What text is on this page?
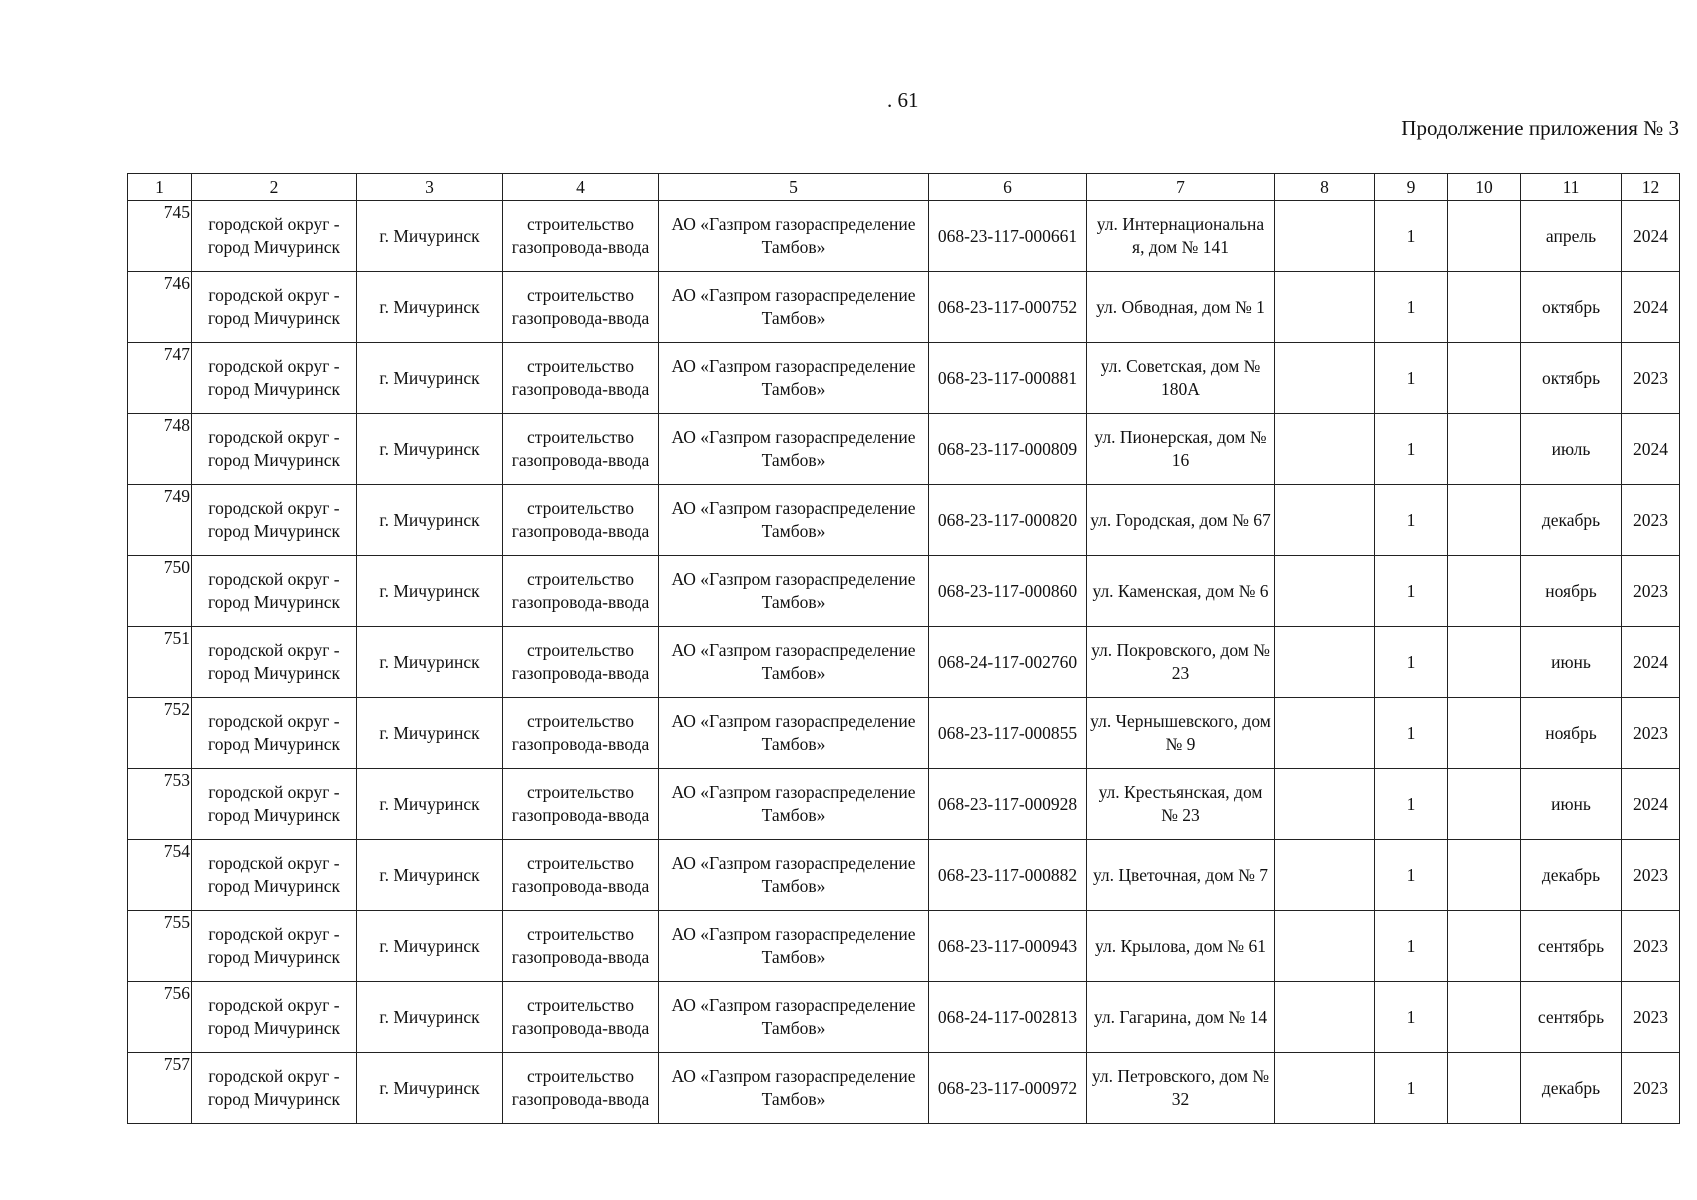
. 61
Продолжение приложения № 3
1	2	3	4	5	6	7	8	9	10	11	12
745	городской округ - город Мичуринск	г. Мичуринск	строительство газопровода-ввода	АО «Газпром газораспределение Тамбов»	068-23-117-000661	ул. Интернациональна я, дом № 141		1		апрель	2024
746	городской округ - город Мичуринск	г. Мичуринск	строительство газопровода-ввода	АО «Газпром газораспределение Тамбов»	068-23-117-000752	ул. Обводная, дом № 1		1		октябрь	2024
747	городской округ - город Мичуринск	г. Мичуринск	строительство газопровода-ввода	АО «Газпром газораспределение Тамбов»	068-23-117-000881	ул. Советская, дом № 180А		1		октябрь	2023
748	городской округ - город Мичуринск	г. Мичуринск	строительство газопровода-ввода	АО «Газпром газораспределение Тамбов»	068-23-117-000809	ул. Пионерская, дом № 16		1		июль	2024
749	городской округ - город Мичуринск	г. Мичуринск	строительство газопровода-ввода	АО «Газпром газораспределение Тамбов»	068-23-117-000820	ул. Городская, дом № 67		1		декабрь	2023
750	городской округ - город Мичуринск	г. Мичуринск	строительство газопровода-ввода	АО «Газпром газораспределение Тамбов»	068-23-117-000860	ул. Каменская, дом № 6		1		ноябрь	2023
751	городской округ - город Мичуринск	г. Мичуринск	строительство газопровода-ввода	АО «Газпром газораспределение Тамбов»	068-24-117-002760	ул. Покровского, дом № 23		1		июнь	2024
752	городской округ - город Мичуринск	г. Мичуринск	строительство газопровода-ввода	АО «Газпром газораспределение Тамбов»	068-23-117-000855	ул. Чернышевского, дом № 9		1		ноябрь	2023
753	городской округ - город Мичуринск	г. Мичуринск	строительство газопровода-ввода	АО «Газпром газораспределение Тамбов»	068-23-117-000928	ул. Крестьянская, дом № 23		1		июнь	2024
754	городской округ - город Мичуринск	г. Мичуринск	строительство газопровода-ввода	АО «Газпром газораспределение Тамбов»	068-23-117-000882	ул. Цветочная, дом № 7		1		декабрь	2023
755	городской округ - город Мичуринск	г. Мичуринск	строительство газопровода-ввода	АО «Газпром газораспределение Тамбов»	068-23-117-000943	ул. Крылова, дом № 61		1		сентябрь	2023
756	городской округ - город Мичуринск	г. Мичуринск	строительство газопровода-ввода	АО «Газпром газораспределение Тамбов»	068-24-117-002813	ул. Гагарина, дом № 14		1		сентябрь	2023
757	городской округ - город Мичуринск	г. Мичуринск	строительство газопровода-ввода	АО «Газпром газораспределение Тамбов»	068-23-117-000972	ул. Петровского, дом № 32		1		декабрь	2023
